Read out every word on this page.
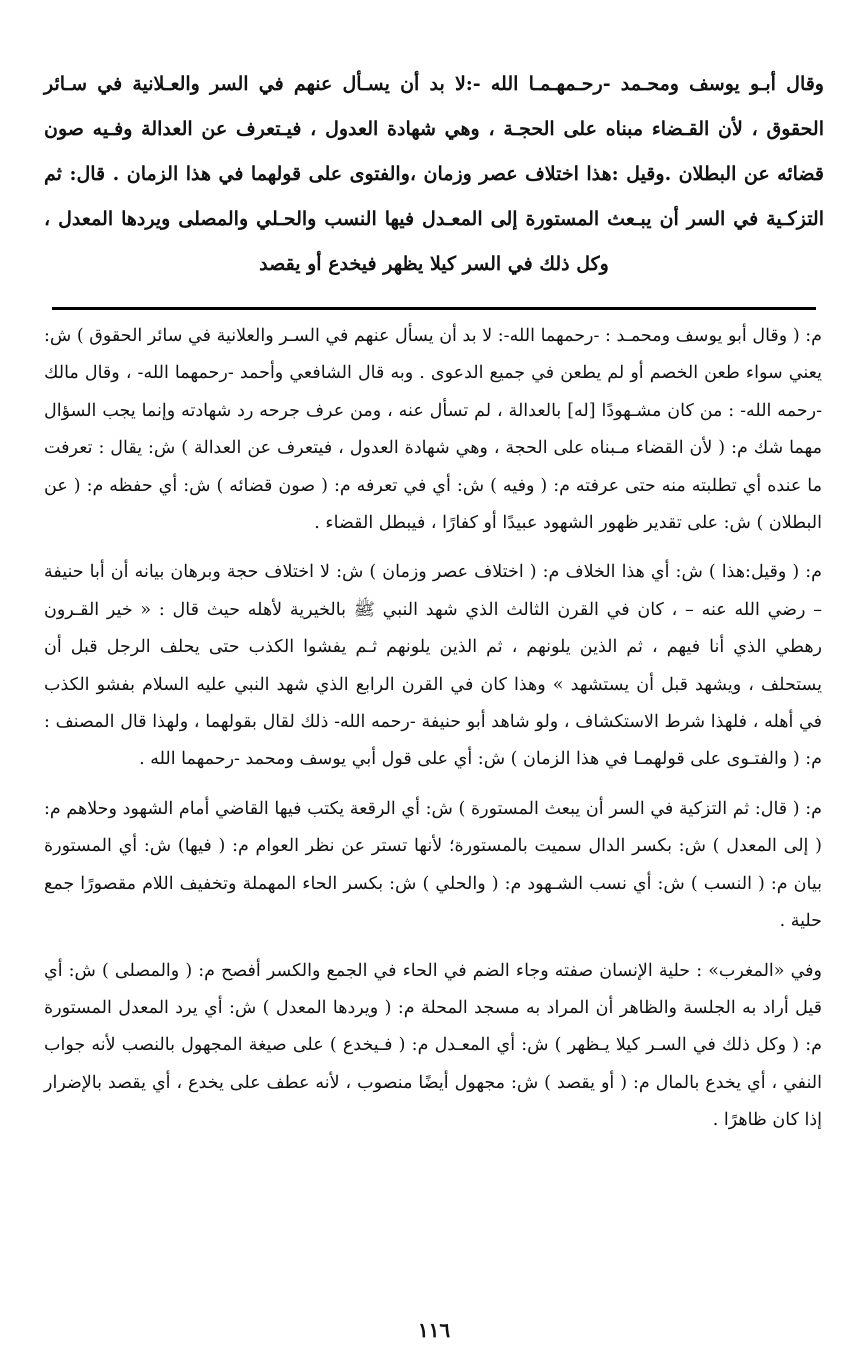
وقال أبـو يوسف ومحـمد -رحـمهـمـا الله -:لا بد أن يسـأل عنهم في السر والعـلانية في سـائر الحقوق ، لأن القـضاء مبناه على الحجـة ، وهي شهادة العدول ، فيـتعرف عن العدالة وفـيه صون قضائه عن البطلان .وقيل :هذا اختلاف عصر وزمان ،والفتوى على قولهما في هذا الزمان . قال: ثم التزكـية في السر أن يبـعث المستورة إلى المعـدل فيها النسب والحـلي والمصلى ويردها المعدل ، وكل ذلك في السر كيلا يظهر فيخدع أو يقصد

م: ( وقال أبو يوسف ومحمـد : -رحمهما الله-: لا بد أن يسأل عنهم في السـر والعلانية في سائر الحقوق ) ش: يعني سواء طعن الخصم أو لم يطعن في جميع الدعوى . وبه قال الشافعي وأحمد -رحمهما الله- ، وقال مالك -رحمه الله- : من كان مشـهودًا [له] بالعدالة ، لم تسأل عنه ، ومن عرف جرحه رد شهادته وإنما يجب السؤال مهما شك م: ( لأن القضاء مـبناه على الحجة ، وهي شهادة العدول ، فيتعرف عن العدالة ) ش: يقال : تعرفت ما عنده أي تطلبته منه حتى عرفته م: ( وفيه ) ش: أي في تعرفه م: ( صون قضائه ) ش: أي حفظه م: ( عن البطلان ) ش: على تقدير ظهور الشهود عبيدًا أو كفارًا ، فيبطل القضاء .

م: ( وقيل:هذا ) ش: أي هذا الخلاف م: ( اختلاف عصر وزمان ) ش: لا اختلاف حجة وبرهان بيانه أن أبا حنيفة – رضي الله عنه – ، كان في القرن الثالث الذي شهد النبي ﷺ بالخيرية لأهله حيث قال : « خير القـرون رهطي الذي أنا فيهم ، ثم الذين يلونهم ، ثم الذين يلونهم ثـم يفشوا الكذب حتى يحلف الرجل قبل أن يستحلف ، ويشهد قبل أن يستشهد » وهذا كان في القرن الرابع الذي شهد النبي عليه السلام بفشو الكذب في أهله ، فلهذا شرط الاستكشاف ، ولو شاهد أبو حنيفة -رحمه الله- ذلك لقال بقولهما ، ولهذا قال المصنف : م: ( والفتـوى على قولهمـا في هذا الزمان ) ش: أي على قول أبي يوسف ومحمد -رحمهما الله .

م: ( قال: ثم التزكية في السر أن يبعث المستورة ) ش: أي الرقعة يكتب فيها القاضي أمام الشهود وحلاهم م: ( إلى المعدل ) ش: بكسر الدال سميت بالمستورة؛ لأنها تستر عن نظر العوام م: ( فيها) ش: أي المستورة بيان م: ( النسب ) ش: أي نسب الشـهود م: ( والحلي ) ش: بكسر الحاء المهملة وتخفيف اللام مقصورًا جمع حلية .

وفي «المغرب» : حلية الإنسان صفته وجاء الضم في الحاء في الجمع والكسر أفصح م: ( والمصلى ) ش: أي قيل أراد به الجلسة والظاهر أن المراد به مسجد المحلة م: ( ويردها المعدل ) ش: أي يرد المعدل المستورة م: ( وكل ذلك في السـر كيلا يـظهر ) ش: أي المعـدل م: ( فـيخدع ) على صيغة المجهول بالنصب لأنه جواب النفي ، أي يخدع بالمال م: ( أو يقصد ) ش: مجهول أيضًا منصوب ، لأنه عطف على يخدع ، أي يقصد بالإضرار إذا كان ظاهرًا .

١١٦
